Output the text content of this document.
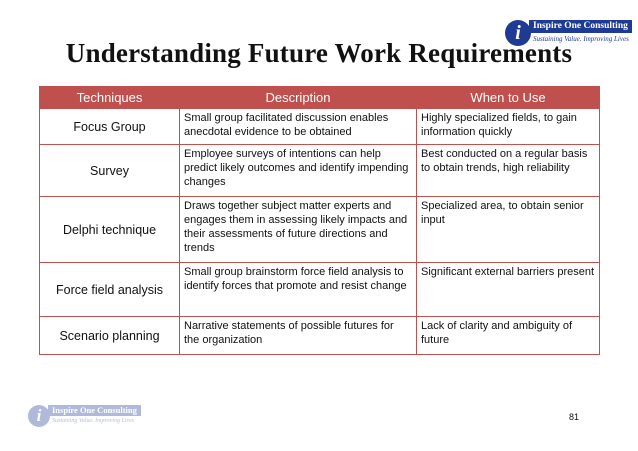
i	Inspire One Consulting
Sustaining Value. Improving Lives
Understanding Future Work Requirements
Techniques	Description	When to Use
Focus Group	Small group facilitated discussion enables anecdotal evidence to be obtained	Highly specialized fields, to gain information quickly
Survey	Employee surveys of intentions can help predict likely outcomes and identify impending changes	Best conducted on a regular basis to obtain trends, high reliability
Delphi technique	Draws together subject matter experts and engages them in assessing likely impacts and their assessments of future directions and trends	Specialized area, to obtain senior input
Force field analysis	Small group brainstorm force field analysis to identify forces that promote and resist change	Significant external barriers present
Scenario planning	Narrative statements of possible futures for the organization	Lack of clarity and ambiguity of future
i	Inspire One Consulting
Sustaining Value. Improving Lives	81
